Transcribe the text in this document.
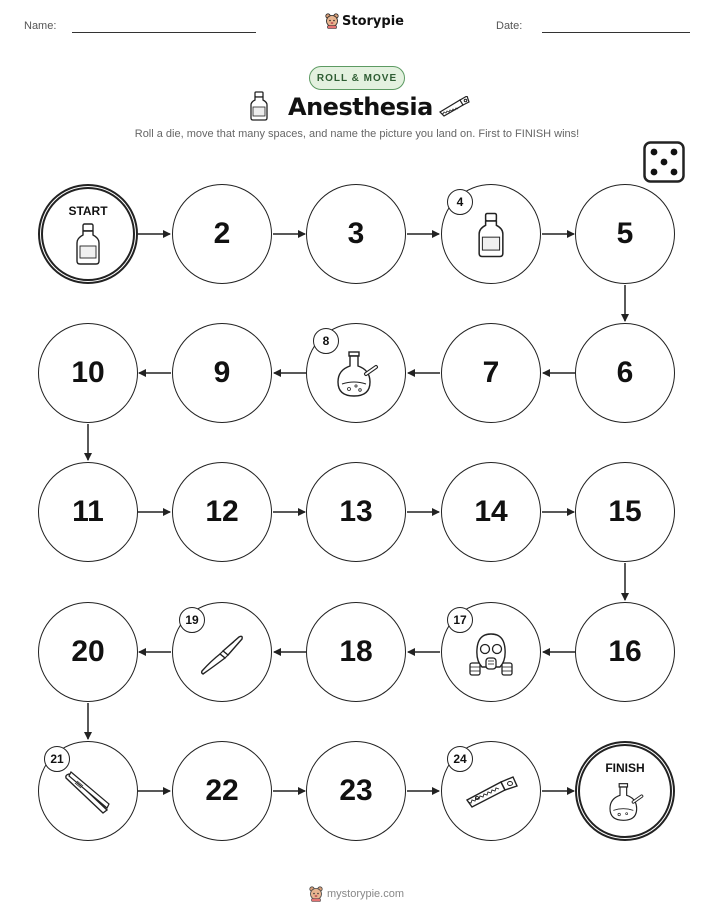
Name:	Storypie	Date:
ROLL & MOVE
Anesthesia
Roll a die, move that many spaces, and name the picture you land on. First to FINISH wins!
START
2	3
4
5
6
7
8
9
10
11	12	13	14	15
16
17
18
19
20
21
22	23
24
FINISH
mystorypie.com
